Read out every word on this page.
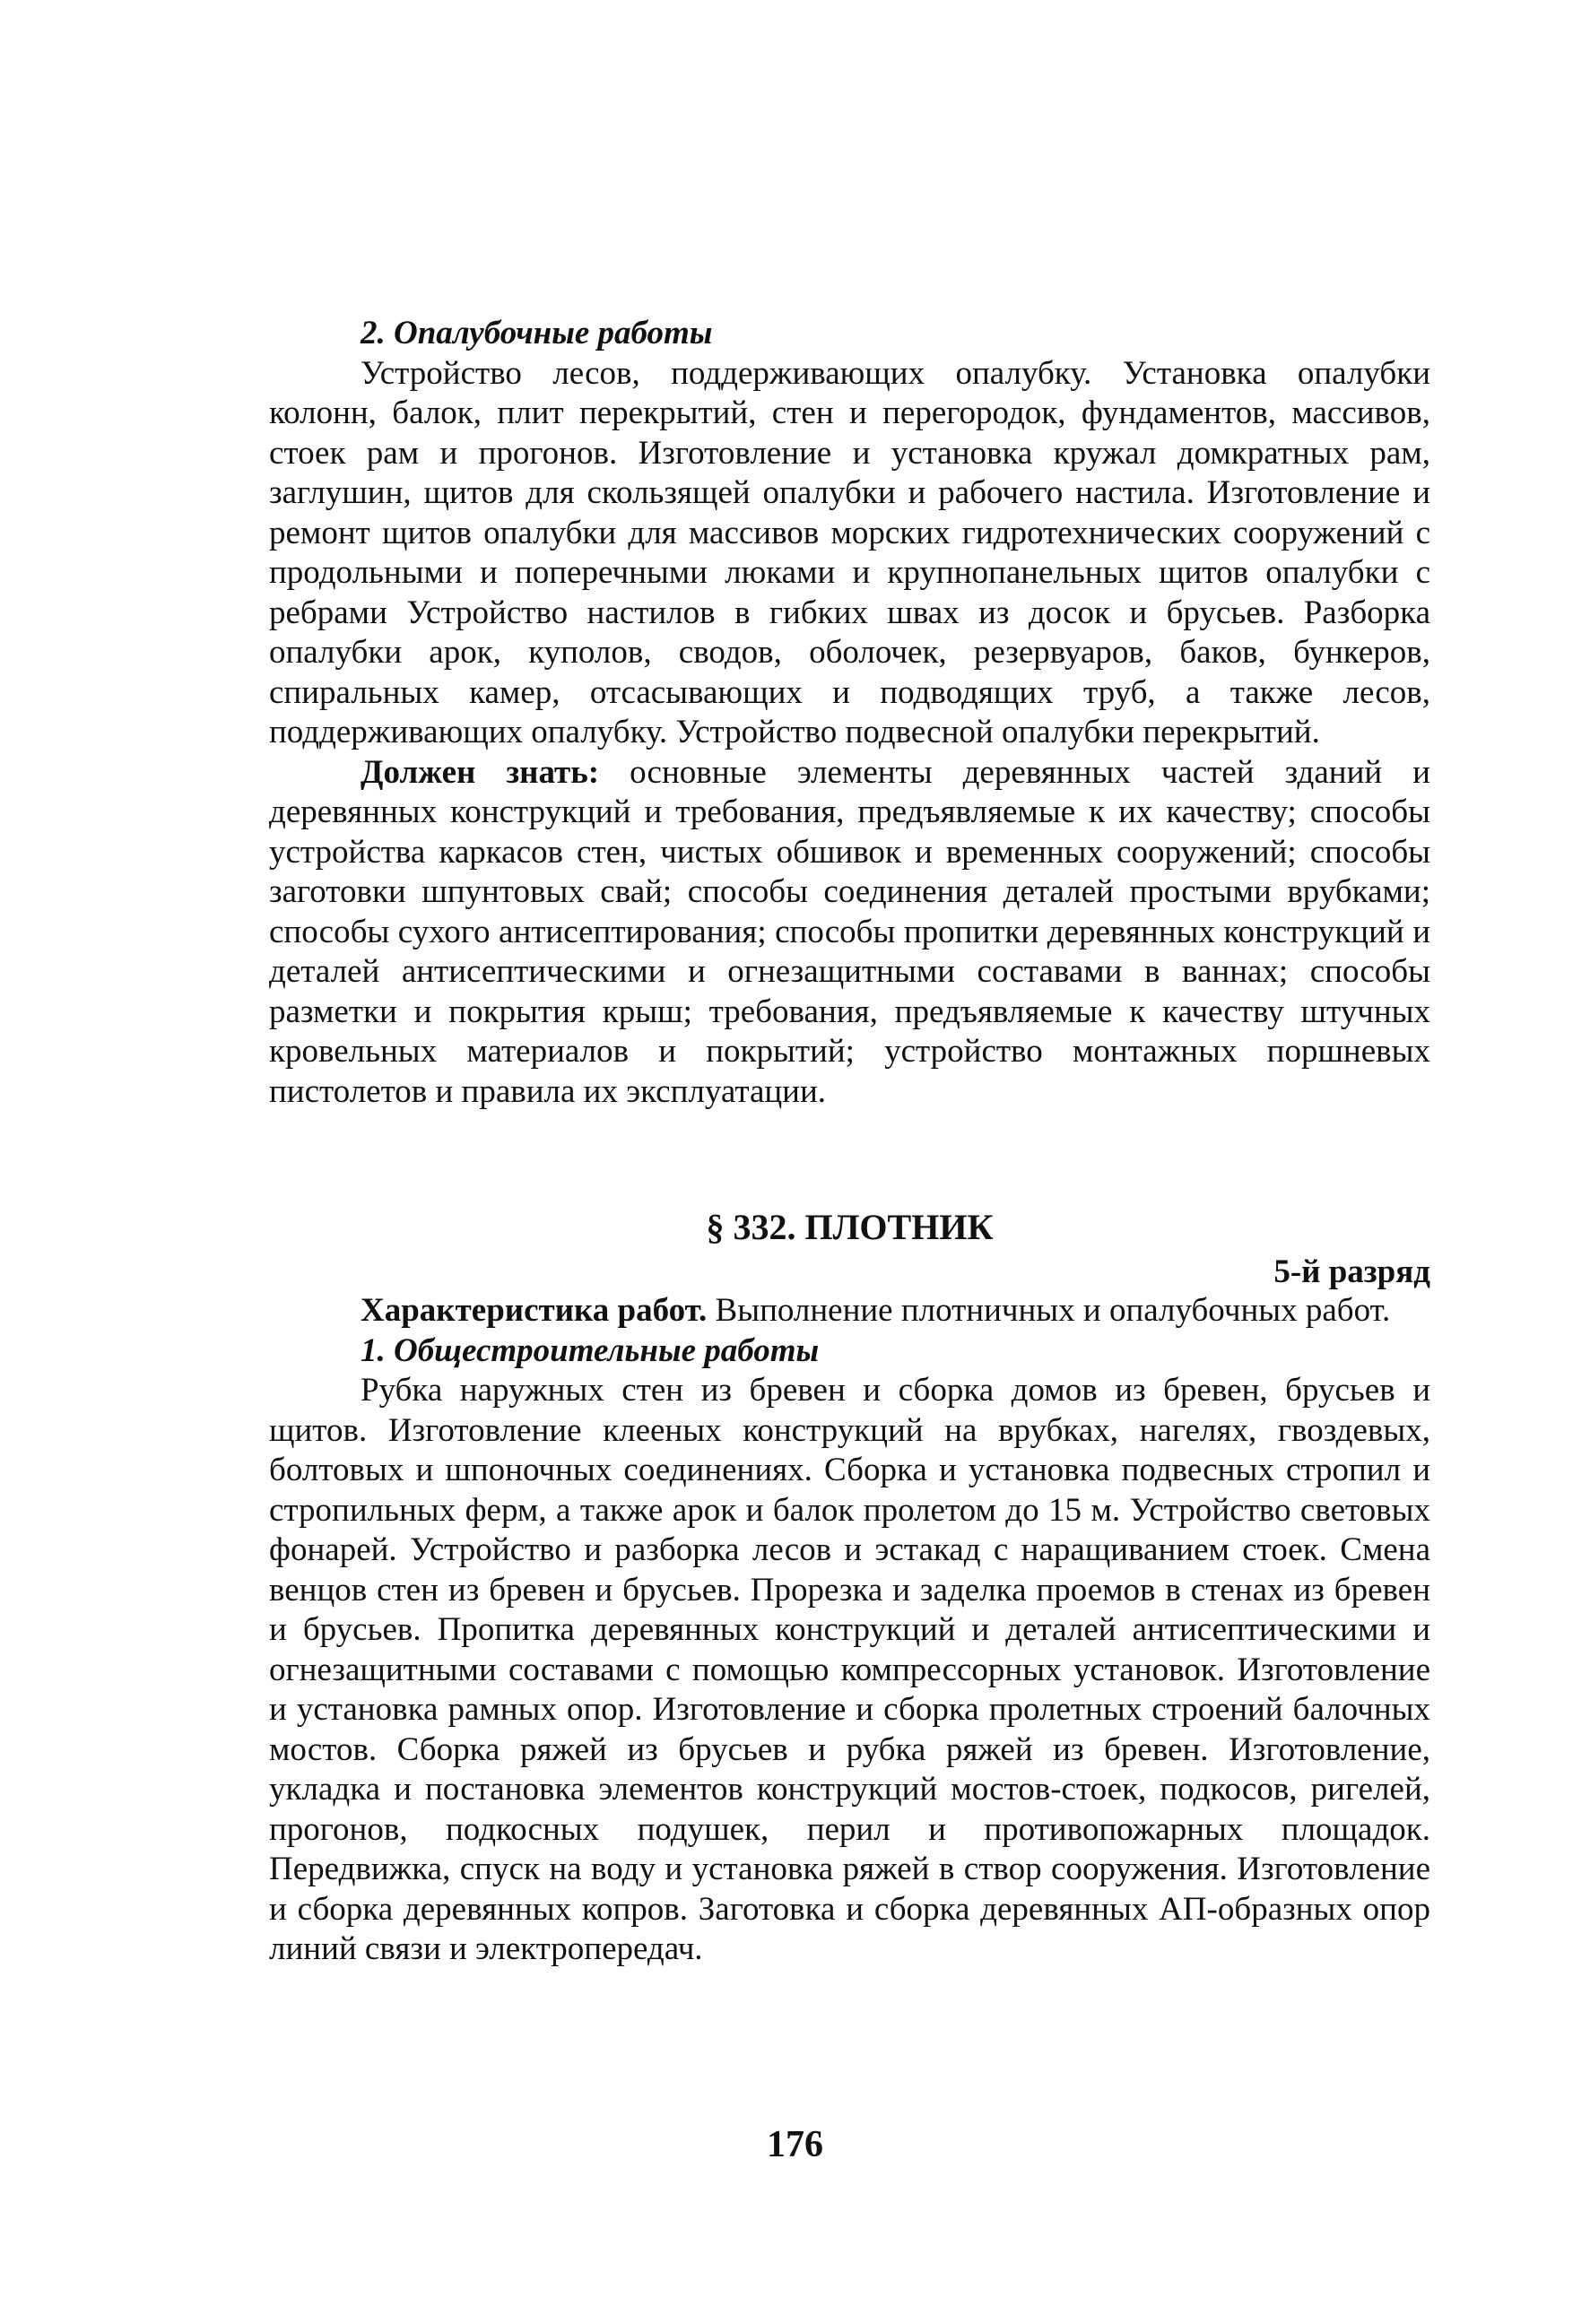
2. Опалубочные работы

Устройство лесов, поддерживающих опалубку. Установка опалубки колонн, балок, плит перекрытий, стен и перегородок, фундаментов, массивов, стоек рам и прогонов. Изготовление и установка кружал домкратных рам, заглушин, щитов для скользящей опалубки и рабочего настила. Изготовление и ремонт щитов опалубки для массивов морских гидротехнических сооружений с продольными и поперечными люками и крупнопанельных щитов опалубки с ребрами Устройство настилов в гибких швах из досок и брусьев. Разборка опалубки арок, куполов, сводов, оболочек, резервуаров, баков, бункеров, спиральных камер, отсасывающих и подводящих труб, а также лесов, поддерживающих опалубку. Устройство подвесной опалубки перекрытий.

Должен знать: основные элементы деревянных частей зданий и деревянных конструкций и требования, предъявляемые к их качеству; способы устройства каркасов стен, чистых обшивок и временных сооружений; способы заготовки шпунтовых свай; способы соединения деталей простыми врубками; способы сухого антисептирования; способы пропитки деревянных конструкций и деталей антисептическими и огнезащитными составами в ваннах; способы разметки и покрытия крыш; требования, предъявляемые к качеству штучных кровельных материалов и покрытий; устройство монтажных поршневых пистолетов и правила их эксплуатации.

§ 332. ПЛОТНИК
5-й разряд

Характеристика работ. Выполнение плотничных и опалубочных работ.

1. Общестроительные работы

Рубка наружных стен из бревен и сборка домов из бревен, брусьев и щитов. Изготовление клееных конструкций на врубках, нагелях, гвоздевых, болтовых и шпоночных соединениях. Сборка и установка подвесных стропил и стропильных ферм, а также арок и балок пролетом до 15 м. Устройство световых фонарей. Устройство и разборка лесов и эстакад с наращиванием стоек. Смена венцов стен из бревен и брусьев. Прорезка и заделка проемов в стенах из бревен и брусьев. Пропитка деревянных конструкций и деталей антисептическими и огнезащитными составами с помощью компрессорных установок. Изготовление и установка рамных опор. Изготовление и сборка пролетных строений балочных мостов. Сборка ряжей из брусьев и рубка ряжей из бревен. Изготовление, укладка и постановка элементов конструкций мостов-стоек, подкосов, ригелей, прогонов, подкосных подушек, перил и противопожарных площадок. Передвижка, спуск на воду и установка ряжей в створ сооружения. Изготовление и сборка деревянных копров. Заготовка и сборка деревянных АП-образных опор линий связи и электропередач.

176
